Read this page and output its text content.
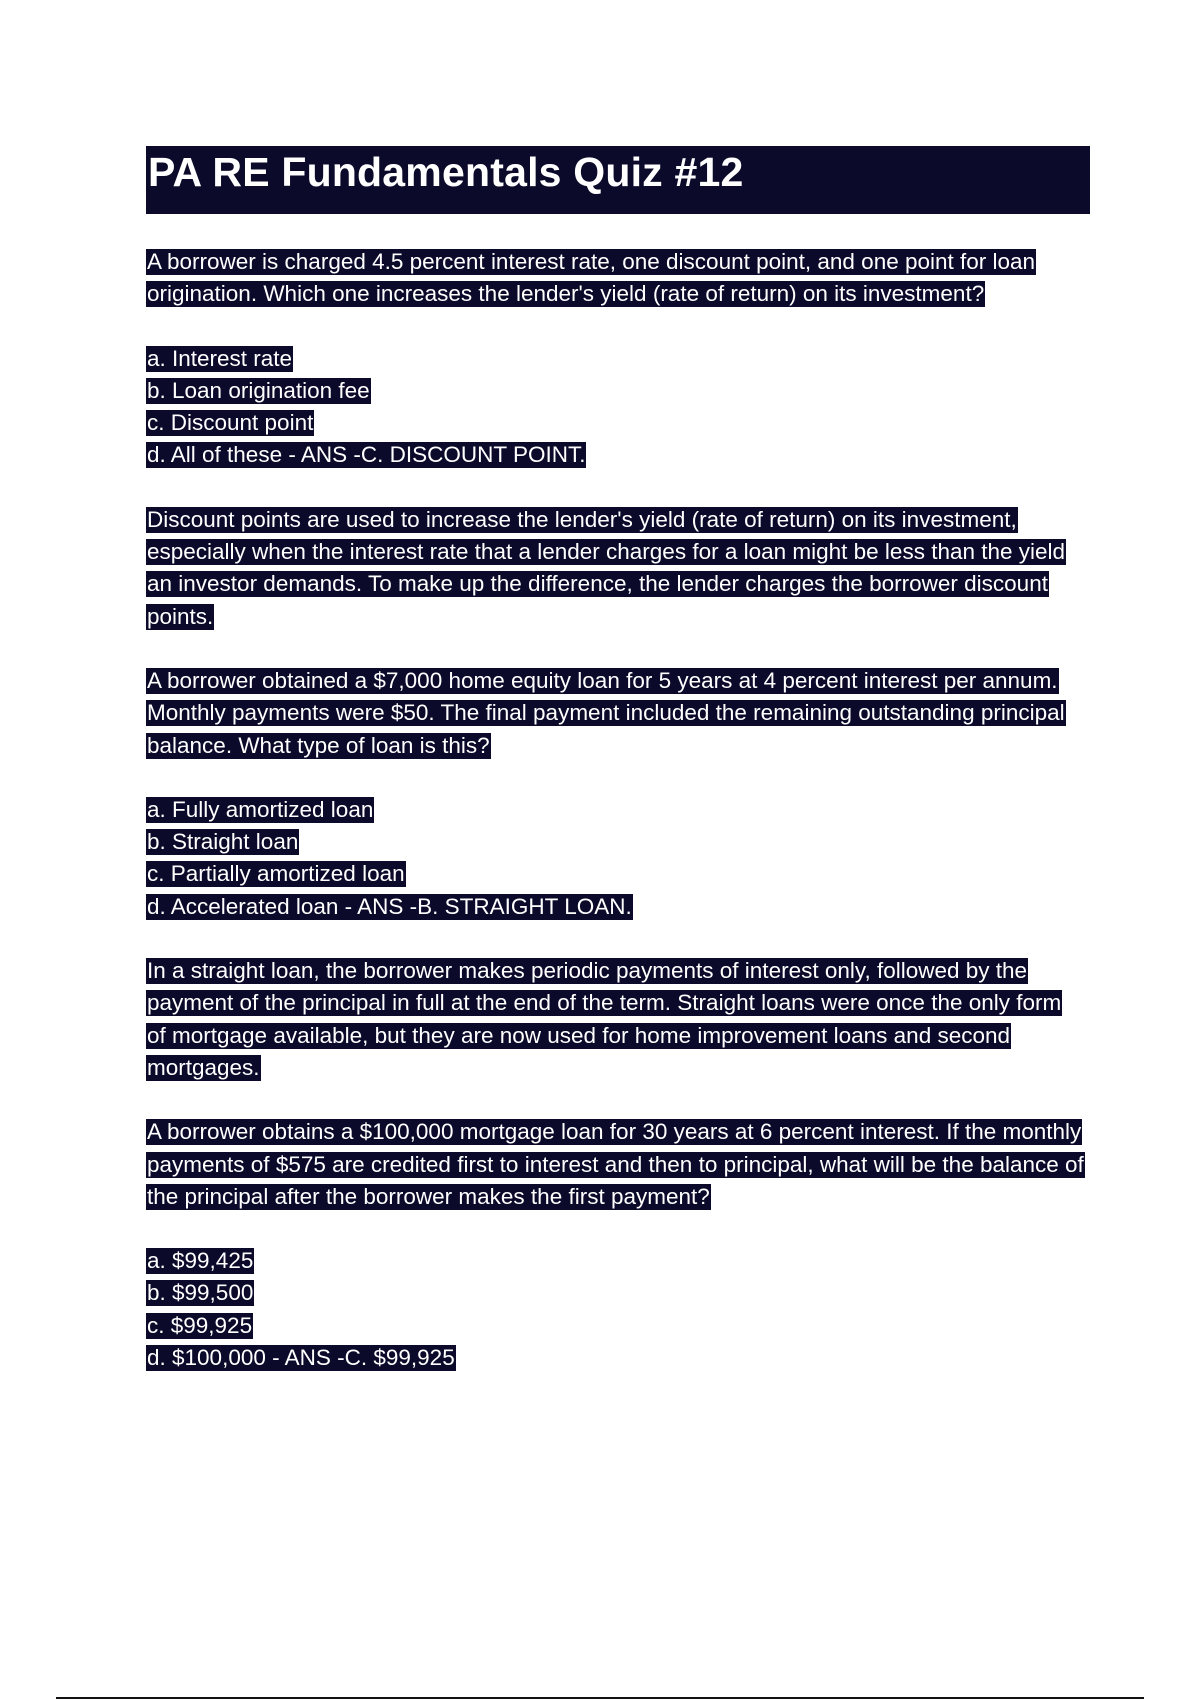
PA RE Fundamentals Quiz #12

A borrower is charged 4.5 percent interest rate, one discount point, and one point for loan origination. Which one increases the lender's yield (rate of return) on its investment?

a. Interest rate
b. Loan origination fee
c. Discount point
d. All of these - ANS -C. DISCOUNT POINT.

Discount points are used to increase the lender's yield (rate of return) on its investment, especially when the interest rate that a lender charges for a loan might be less than the yield an investor demands. To make up the difference, the lender charges the borrower discount points.

A borrower obtained a $7,000 home equity loan for 5 years at 4 percent interest per annum. Monthly payments were $50. The final payment included the remaining outstanding principal balance. What type of loan is this?

a. Fully amortized loan
b. Straight loan
c. Partially amortized loan
d. Accelerated loan - ANS -B. STRAIGHT LOAN.

In a straight loan, the borrower makes periodic payments of interest only, followed by the payment of the principal in full at the end of the term. Straight loans were once the only form of mortgage available, but they are now used for home improvement loans and second mortgages.

A borrower obtains a $100,000 mortgage loan for 30 years at 6 percent interest. If the monthly payments of $575 are credited first to interest and then to principal, what will be the balance of the principal after the borrower makes the first payment?

a. $99,425
b. $99,500
c. $99,925
d. $100,000 - ANS -C. $99,925
